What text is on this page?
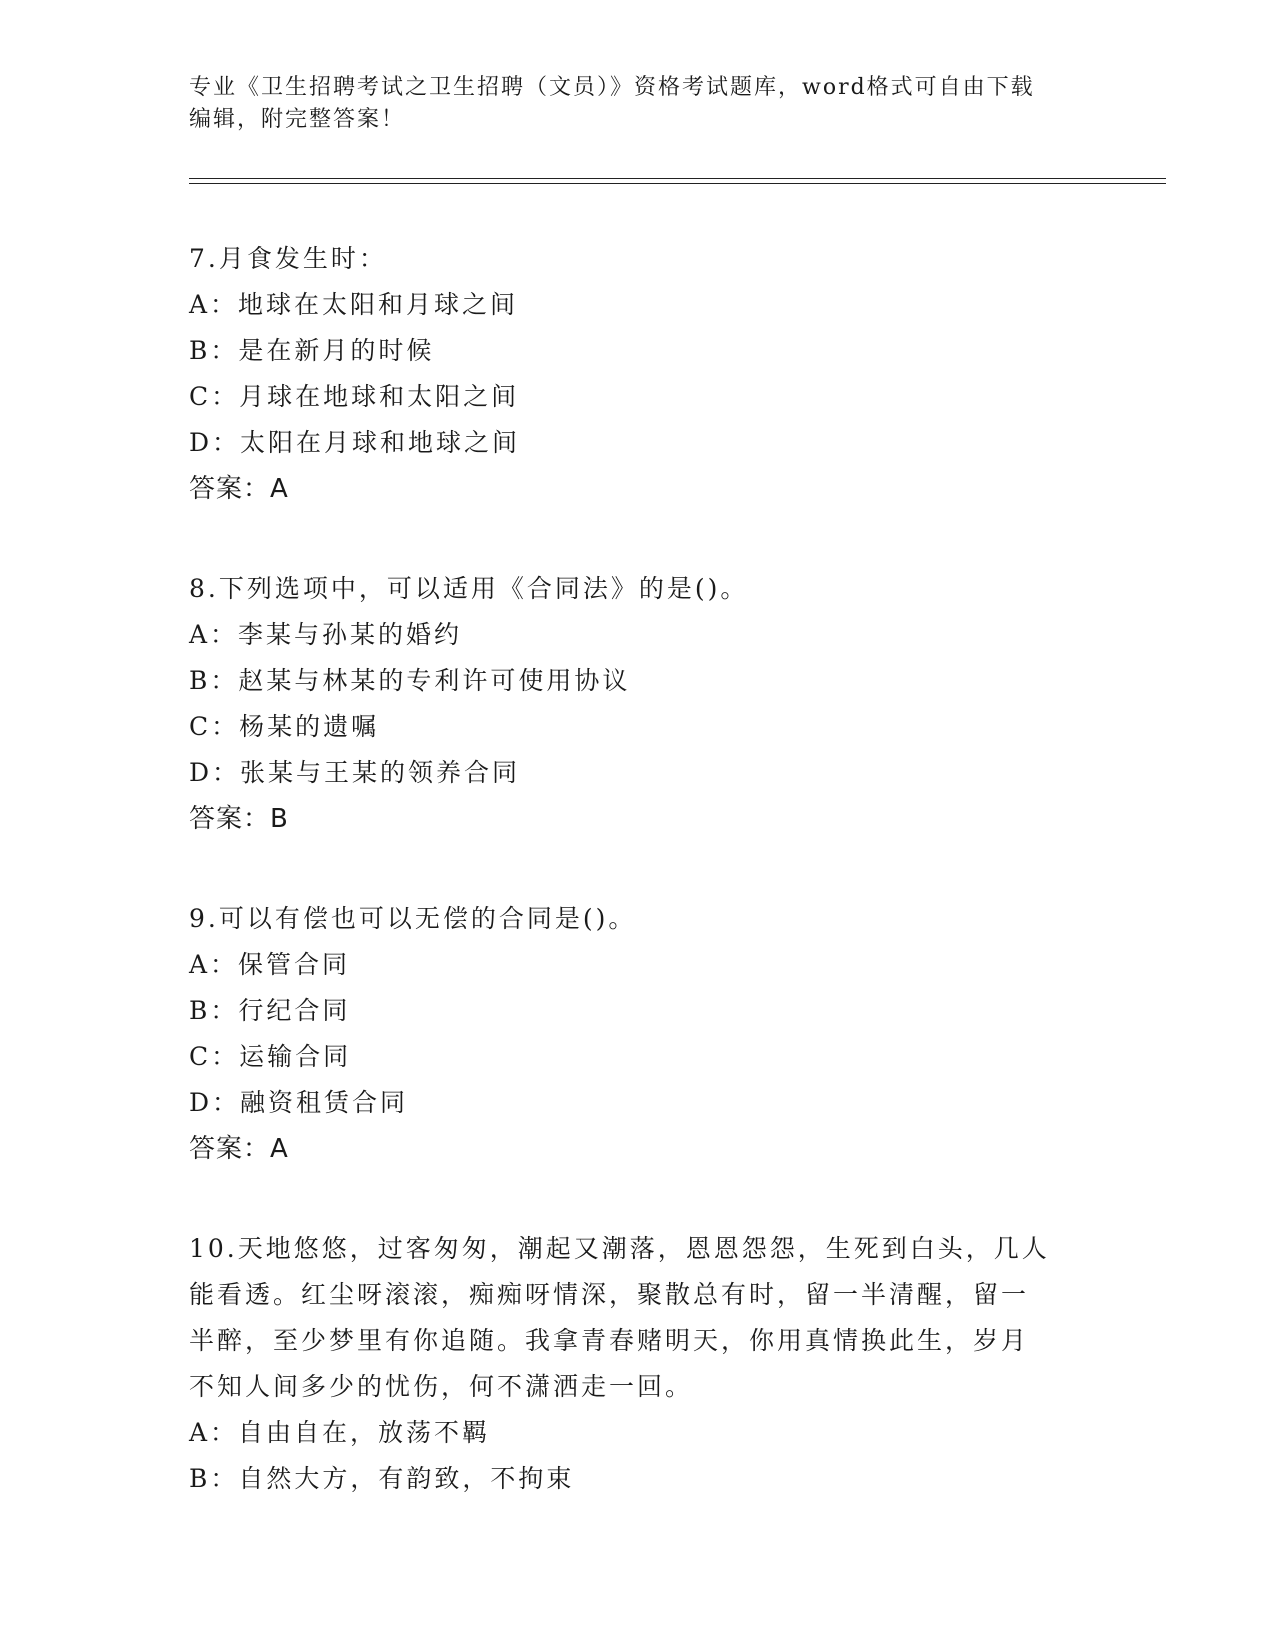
专业《卫生招聘考试之卫生招聘（文员）》资格考试题库，word格式可自由下载
编辑，附完整答案！
7.月食发生时：
A：地球在太阳和月球之间
B：是在新月的时候
C：月球在地球和太阳之间
D：太阳在月球和地球之间
答案：A
8.下列选项中，可以适用《合同法》的是()。
A：李某与孙某的婚约
B：赵某与林某的专利许可使用协议
C：杨某的遗嘱
D：张某与王某的领养合同
答案：B
9.可以有偿也可以无偿的合同是()。
A：保管合同
B：行纪合同
C：运输合同
D：融资租赁合同
答案：A
10.天地悠悠，过客匆匆，潮起又潮落，恩恩怨怨，生死到白头，几人
能看透。红尘呀滚滚，痴痴呀情深，聚散总有时，留一半清醒，留一
半醉，至少梦里有你追随。我拿青春赌明天，你用真情换此生，岁月
不知人间多少的忧伤，何不潇洒走一回。
A：自由自在，放荡不羁
B：自然大方，有韵致，不拘束
